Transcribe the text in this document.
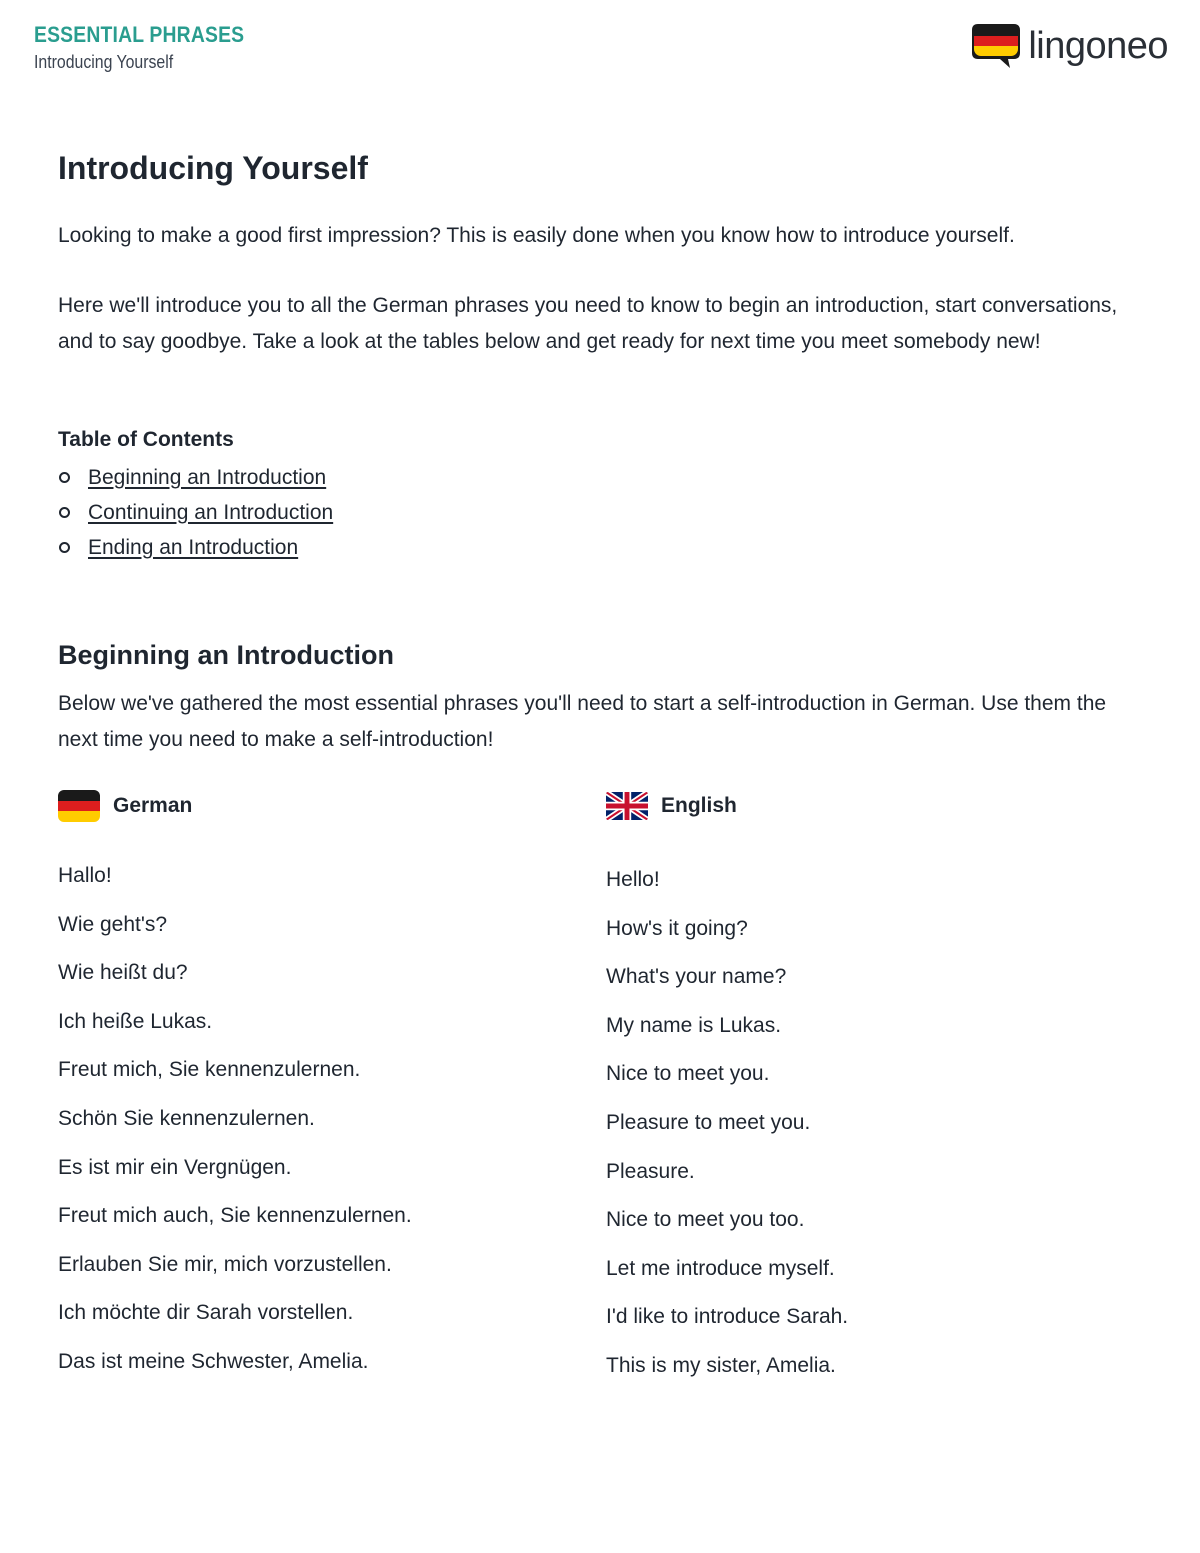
ESSENTIAL PHRASES
Introducing Yourself	lingoneo
Introducing Yourself

Looking to make a good first impression? This is easily done when you know how to introduce yourself.

Here we'll introduce you to all the German phrases you need to know to begin an introduction, start conversations, and to say goodbye. Take a look at the tables below and get ready for next time you meet somebody new!

Table of Contents
Beginning an Introduction
Continuing an Introduction
Ending an Introduction
Beginning an Introduction

Below we've gathered the most essential phrases you'll need to start a self-introduction in German. Use them the next time you need to make a self-introduction!

German
Hallo!
Wie geht's?
Wie heißt du?
Ich heiße Lukas.
Freut mich, Sie kennenzulernen.
Schön Sie kennenzulernen.
Es ist mir ein Vergnügen.
Freut mich auch, Sie kennenzulernen.
Erlauben Sie mir, mich vorzustellen.
Ich möchte dir Sarah vorstellen.
Das ist meine Schwester, Amelia.
English
Hello!
How's it going?
What's your name?
My name is Lukas.
Nice to meet you.
Pleasure to meet you.
Pleasure.
Nice to meet you too.
Let me introduce myself.
I'd like to introduce Sarah.
This is my sister, Amelia.
